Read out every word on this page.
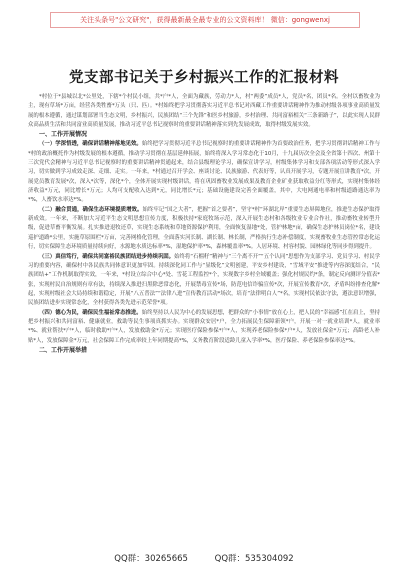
关注头条号"公文研究"，获得最新最全最专业的公文资料库！ 微信：gongwenxj
党支部书记关于乡村振兴工作的汇报材料

*村位于*县城以北*公里处，下辖*个村民小组，共*户*人，全面为藏族，劳动力*人，村“两委”成员*人，党员*名，团员*名。全村以畜牧业为主，现有草场*万亩，经营各类牲畜*万头（只、匹）。*村始终把学习贯彻落实习近平总书记对西藏工作重要讲话精神作为推动村级各项事业高质量发展的根本遵循，通过谋划部署当生态文明，乡村振兴，民族团结“三个先锋”和医乡村旅游，乡村治理、共同富裕相关“三条新路子”，以此实现人民群众高品质生活和共同富业高质量发展，推动习近平总书记视察时的重要讲话精神落实到先发展成效，取得村级发展实效。

一、工作开展情况

（一）学深悟透，确保讲话精神落地见效。始终把学习贯彻习近平总书记视察时的重要讲话精神作为首要政治任务，把学习贯彻讲话精神工作与*村的政治概托作为村级发展的根本遵循，推动学习贯彻在基层延伸拓展，始终将深入学习常态化于10月，十九届历次全会及全省第十四次、州第十三次党代会精神与习近平总书记视察时的重要讲话精神贯通起来，结合县级理论学习，确保宣讲学习，村级集体学习和支部各项活动等形式深入学习，切实做到学习成效走深、走细、走实。一年来，*村通过召开学会、座谈讨论、民族旅游、代表好等，认真开展学习，专题开展宣讲教育*次，开展党员教育发展*次，深入*次等，深化*个，全体开展实现村级讲话，将在巩固畜牧业发展成果及教育企业矿业获取收益分红等形式，实现村集体经济收益*万元，同比增长*万元；人均可支配收入达到*元，同比增长*元；基础设施建设完善全面覆盖，其中，大电网通电率和村级道路通达率为*%，人畜饮水率达*%。

（二）融合贯通，确保生态环境提质增效。始终牢记“国之大者”，把握“首之要者”，坚守*村“环湖北岸”重要生态屏障地位，推进生态保护取得新成效。一年来，不断加大习近平生态文明思想宣传力度，积极扶持*家庭牧场示范，深入开展生态村和各级牧业专业合作社，推动畜牧业转型升级，促进草畜平衡发展。扎实推进退牧还草，实现生态系统和草地资源保护利用，全面恢复湿地*处，管护林地*亩，确保生态护林员岗位*名，建设巡护道路*公里，实施草原围栏*万亩，完善网格化管理，全面落实河长制、湖长制、林长制，严格执行生态补偿制度，实现畜牧业生态管控常态化运行，切实保障生态环境质量持续向好，水源地水质达标率*%，湿地保护率*%，森林覆盖率*%。人居环境、村容村貌、园林绿化等同步得到提升。

（三）真信笃行，确保共同富裕民族团结进步持续巩固。始终将“石榴籽”精神与“三个离不开”“五个认同”思想作为支部学习、党员学习、村民学习的重要内容，确保村中各民族共同体意识更加牢固。持续深化同工作与“显级化”文明创建，平安乡村建设，“雪域平安”推进等内容深度结合，“民族团结+”工作机制取得实效，一年来，*村设立综合中心*处、雪花工程监控*个，实现数字乡村全域覆盖；强化村规民约*条，制定反向测评分值表*张，实现村民自治规则有章有法，持续深入推进扫黑除恶常态化，开展禁毒宣传*场，防范电信诈骗宣传*次，开展宣传教育*次，矛盾纠纷排查化解*起，实现村级社会大局持续和谐稳定，开展“八五普法”“法律八进”宣传教育活动*场次，培育“法律明白人”*名，实现村民依法守法，遵法意识增强，民族团结进步实现常态化，全村获得各类先进示范荣誉*项。

（四）德心为民，确保民生福祉常态推进。始终坚持以人民为中心的发展思想，把群众的“小事情”放在心上，把人民的“幸福感”扛在肩上，坚持把乡村振兴和共同富裕、健康就业，救助等民生事项真抓实办。实现群众安居*户，全力拓展民生保障新领*户，开展一对一就业培训*人，就业率*%、就业帮扶*户*人，临时救助*户*人，发放救助金*万元；实现医疗保险参保*户*人，实现养老保险参保*户*人，发放社保金*万元；高龄老人补贴*人，发放保障金*万元，社会保障工作完成率较上年同期提高*%，义务教育阶段适龄儿童入学率*%，医疗保险、养老保险参保率达*%。

二、工作开展举措

QQ群：30265665	QQ群：535304092
